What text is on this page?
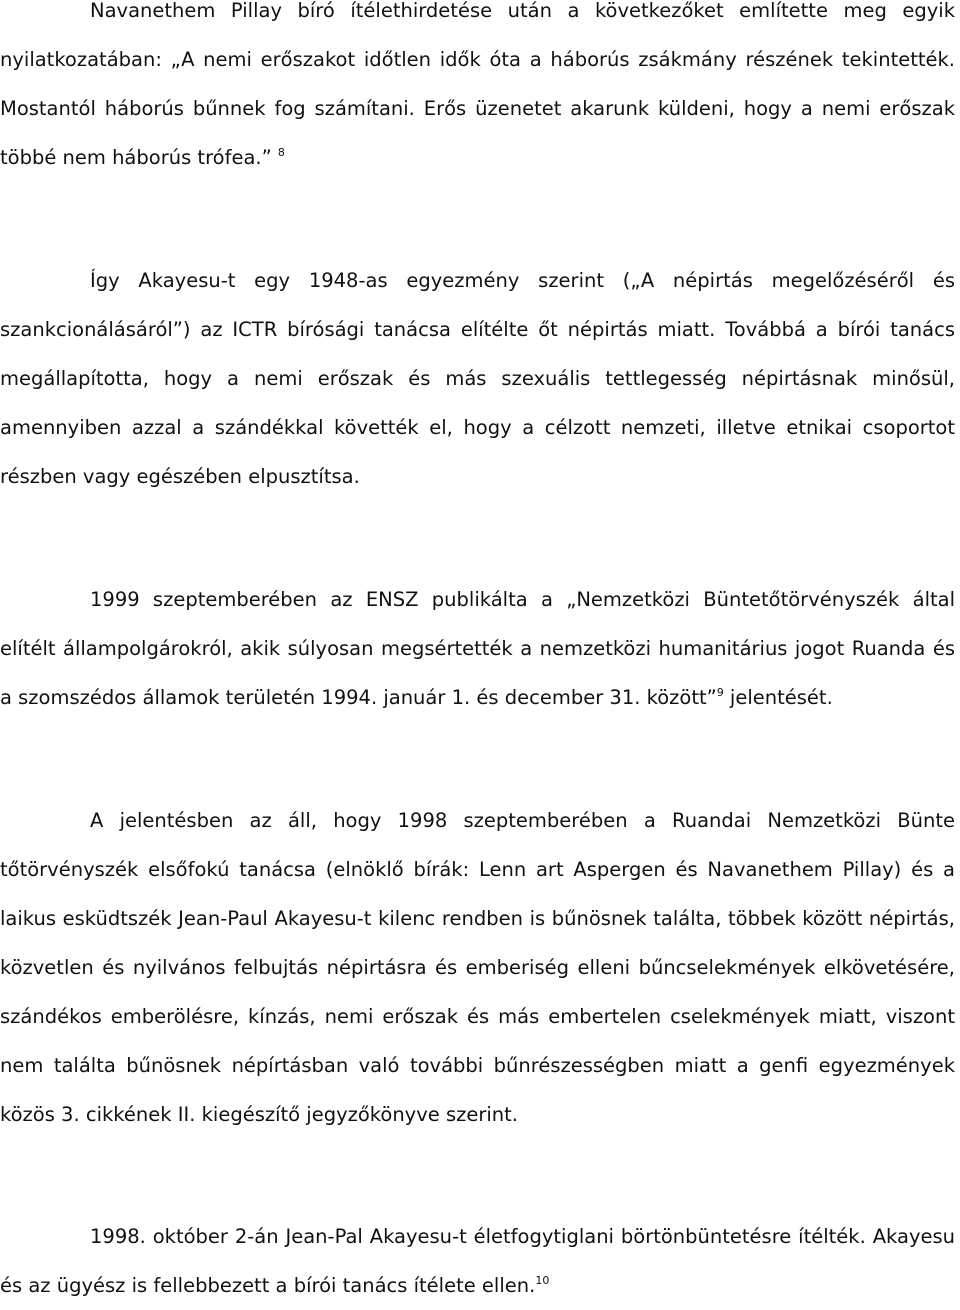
Navanethem Pillay bíró ítélethirdetése után a következőket említette meg egyik nyilatkozatában: „A nemi erőszakot időtlen idők óta a háborús zsákmány részének tekintették. Mostantól háborús bűnnek fog számítani. Erős üzenetet akarunk küldeni, hogy a nemi erőszak többé nem háborús trófea.” $^8$

Így Akayesu-t egy 1948-as egyezmény szerint („A népirtás megelőzéséről és szankcionálásáról”) az ICTR bírósági tanácsa elítélte őt népirtás miatt. Továbbá a bírói tanács megállapította, hogy a nemi erőszak és más szexuális tettlegesség népirtásnak minősül, amennyiben azzal a szándékkal követték el, hogy a célzott nemzeti, illetve etnikai csoportot részben vagy egészében elpusztítsa.

1999 szeptemberében az ENSZ publikálta a „Nemzetközi Büntetőtörvényszék által elítélt állampolgárokról, akik súlyosan megsértették a nemzetközi humanitárius jogot Ruanda és a szomszédos államok területén 1994. január 1. és december 31. között”$^9$ jelentését.

A jelentésben az áll, hogy 1998 szeptemberében a Ruandai Nemzetközi Bünte tőtörvényszék elsőfokú tanácsa (elnöklő bírák: Lenn art Aspergen és Navanethem Pillay) és a laikus esküdtszék Jean-Paul Akayesu-t kilenc rendben is bűnösnek találta, többek között népirtás, közvetlen és nyilvános felbujtás népirtásra és emberiség elleni bűncselekmények elkövetésére, szándékos emberölésre, kínzás, nemi erőszak és más embertelen cselekmények miatt, viszont nem találta bűnösnek népírtásban való további bűnrészességben miatt a genfi egyezmények közös 3. cikkének II. kiegészítő jegyzőkönyve szerint.

1998. október 2-án Jean-Pal Akayesu-t életfogytiglani börtönbüntetésre ítélték. Akayesu és az ügyész is fellebbezett a bírói tanács ítélete ellen.$^{10}$
